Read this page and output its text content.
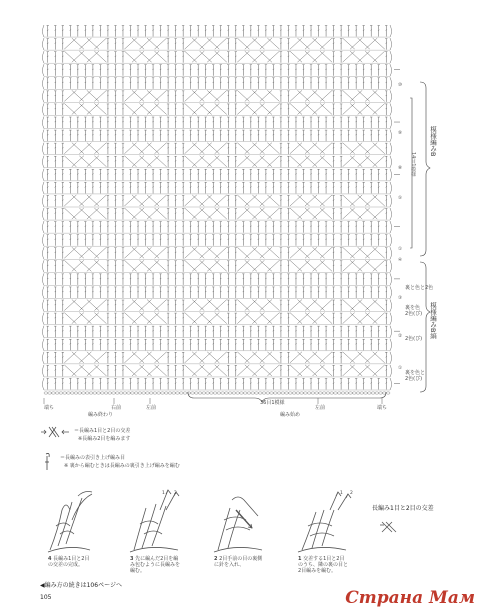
模様編みB
模様編みB縞
14目1模様
⑩
⑨
⑧
⑤
①
④
③
②
①
裏と色と2色
裏を色
2色(ぴ)
2色(ぴ)
裏を色と
2色(ぴ)
端ち
編み終わり
右前	左前
36目1模様
左前	端ち
編み始め
＝長編み1目と2目の交差
※長編み2目を編みます
＝長編みの表引き上げ編み目
※ 裏から編むときは長編みの裏引き上げ編みを編む
1 2	1 2
長編み1目と2目の交差
4 長編み1目と2目の交差の完成。
3 先に編んだ2目を編み包むように長編みを編む。
2 2目手前の目の裏側に針を入れ、
1 交差する1目と2目のうち、隣の裏の目と2目編みを編む。
◀編み方の続きは106ページへ
105	Страна Мам
